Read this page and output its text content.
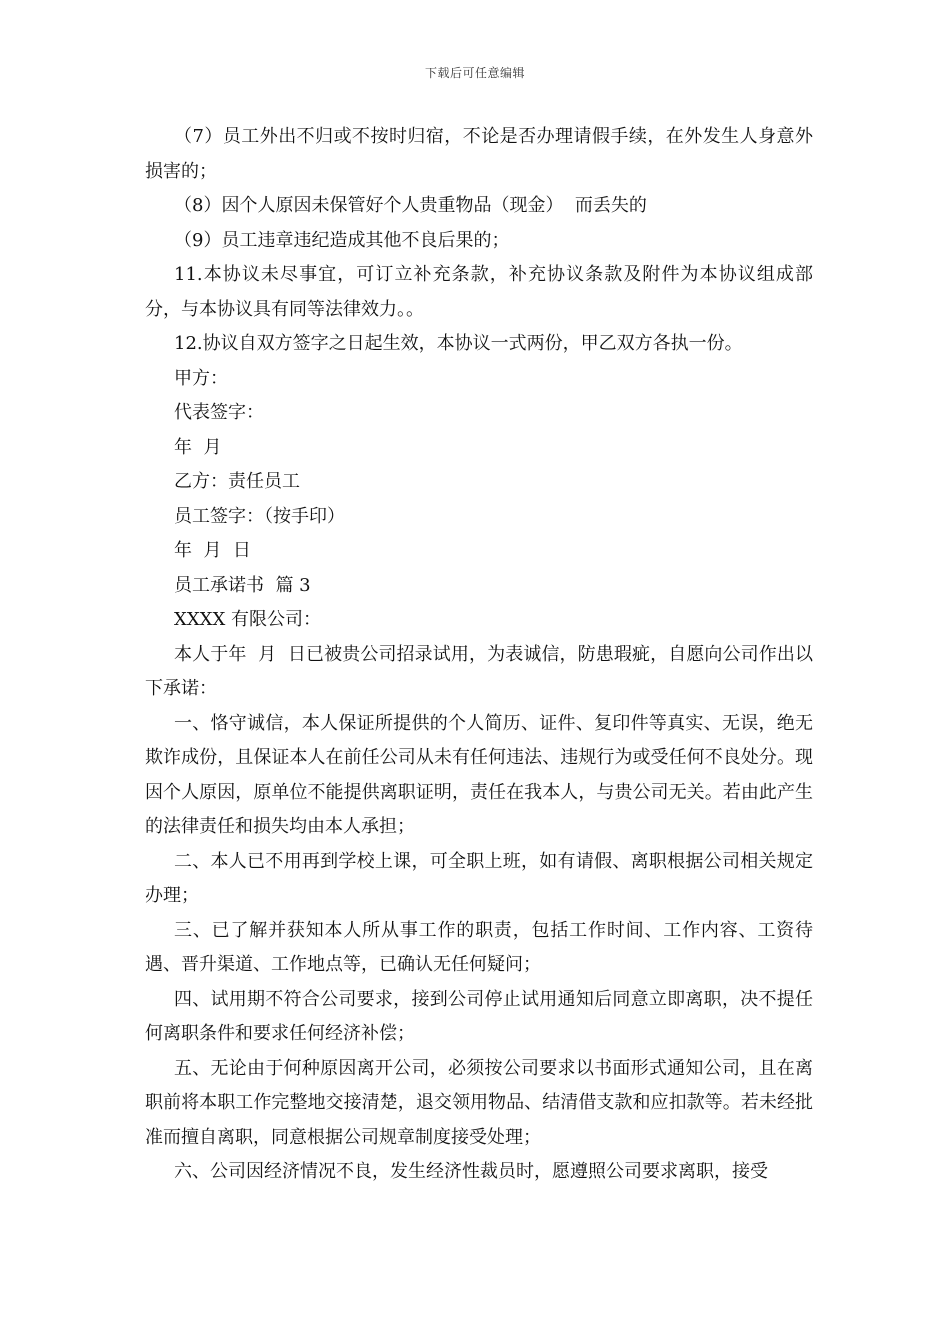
下载后可任意编辑

（7）员工外出不归或不按时归宿，不论是否办理请假手续，在外发生人身意外损害的；

（8）因个人原因未保管好个人贵重物品（现金）  而丢失的

（9）员工违章违纪造成其他不良后果的；

11.本协议未尽事宜，可订立补充条款，补充协议条款及附件为本协议组成部分，与本协议具有同等法律效力。。

12.协议自双方签字之日起生效，本协议一式两份，甲乙双方各执一份。

甲方：

代表签字：

年  月

乙方：责任员工

员工签字：（按手印）

年  月  日

员工承诺书  篇 3

XXXX 有限公司：

本人于年  月  日已被贵公司招录试用，为表诚信，防患瑕疵，自愿向公司作出以下承诺：

一、恪守诚信，本人保证所提供的个人简历、证件、复印件等真实、无误，绝无欺诈成份，且保证本人在前任公司从未有任何违法、违规行为或受任何不良处分。现因个人原因，原单位不能提供离职证明，责任在我本人，与贵公司无关。若由此产生的法律责任和损失均由本人承担；

二、本人已不用再到学校上课，可全职上班，如有请假、离职根据公司相关规定办理；

三、已了解并获知本人所从事工作的职责，包括工作时间、工作内容、工资待遇、晋升渠道、工作地点等，已确认无任何疑问；

四、试用期不符合公司要求，接到公司停止试用通知后同意立即离职，决不提任何离职条件和要求任何经济补偿；

五、无论由于何种原因离开公司，必须按公司要求以书面形式通知公司，且在离职前将本职工作完整地交接清楚，退交领用物品、结清借支款和应扣款等。若未经批准而擅自离职，同意根据公司规章制度接受处理；

六、公司因经济情况不良，发生经济性裁员时，愿遵照公司要求离职，接受
